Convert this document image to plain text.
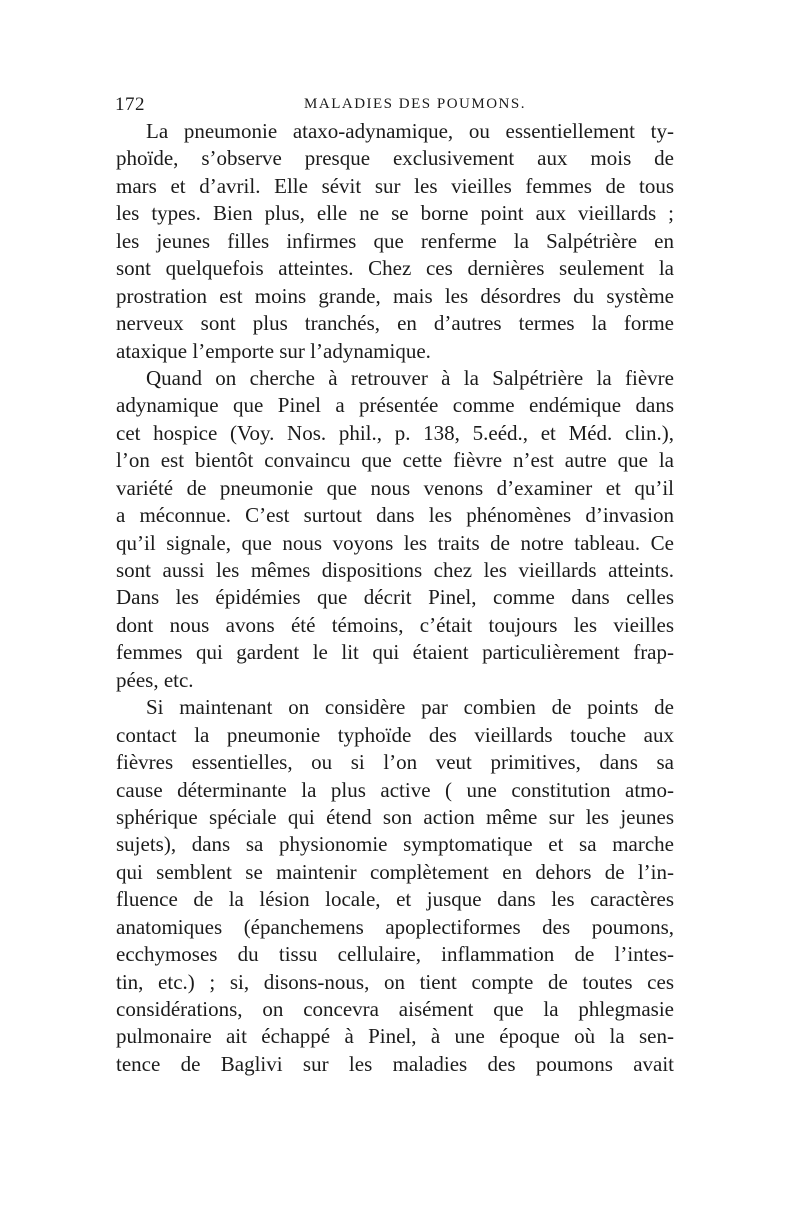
172	MALADIES DES POUMONS.
La pneumonie ataxo-adynamique, ou essentiellement ty-
phoïde, s’observe presque exclusivement aux mois de
mars et d’avril. Elle sévit sur les vieilles femmes de tous
les types. Bien plus, elle ne se borne point aux vieillards ;
les jeunes filles infirmes que renferme la Salpétrière en
sont quelquefois atteintes. Chez ces dernières seulement la
prostration est moins grande, mais les désordres du système
nerveux sont plus tranchés, en d’autres termes la forme
ataxique l’emporte sur l’adynamique.
Quand on cherche à retrouver à la Salpétrière la fièvre
adynamique que Pinel a présentée comme endémique dans
cet hospice (Voy. Nos. phil., p. 138, 5.eéd., et Méd. clin.),
l’on est bientôt convaincu que cette fièvre n’est autre que la
variété de pneumonie que nous venons d’examiner et qu’il
a méconnue. C’est surtout dans les phénomènes d’invasion
qu’il signale, que nous voyons les traits de notre tableau. Ce
sont aussi les mêmes dispositions chez les vieillards atteints.
Dans les épidémies que décrit Pinel, comme dans celles
dont nous avons été témoins, c’était toujours les vieilles
femmes qui gardent le lit qui étaient particulièrement frap-
pées, etc.
Si maintenant on considère par combien de points de
contact la pneumonie typhoïde des vieillards touche aux
fièvres essentielles, ou si l’on veut primitives, dans sa
cause déterminante la plus active ( une constitution atmo-
sphérique spéciale qui étend son action même sur les jeunes
sujets), dans sa physionomie symptomatique et sa marche
qui semblent se maintenir complètement en dehors de l’in-
fluence de la lésion locale, et jusque dans les caractères
anatomiques (épanchemens apoplectiformes des poumons,
ecchymoses du tissu cellulaire, inflammation de l’intes-
tin, etc.) ; si, disons-nous, on tient compte de toutes ces
considérations, on concevra aisément que la phlegmasie
pulmonaire ait échappé à Pinel, à une époque où la sen-
tence de Baglivi sur les maladies des poumons avait
